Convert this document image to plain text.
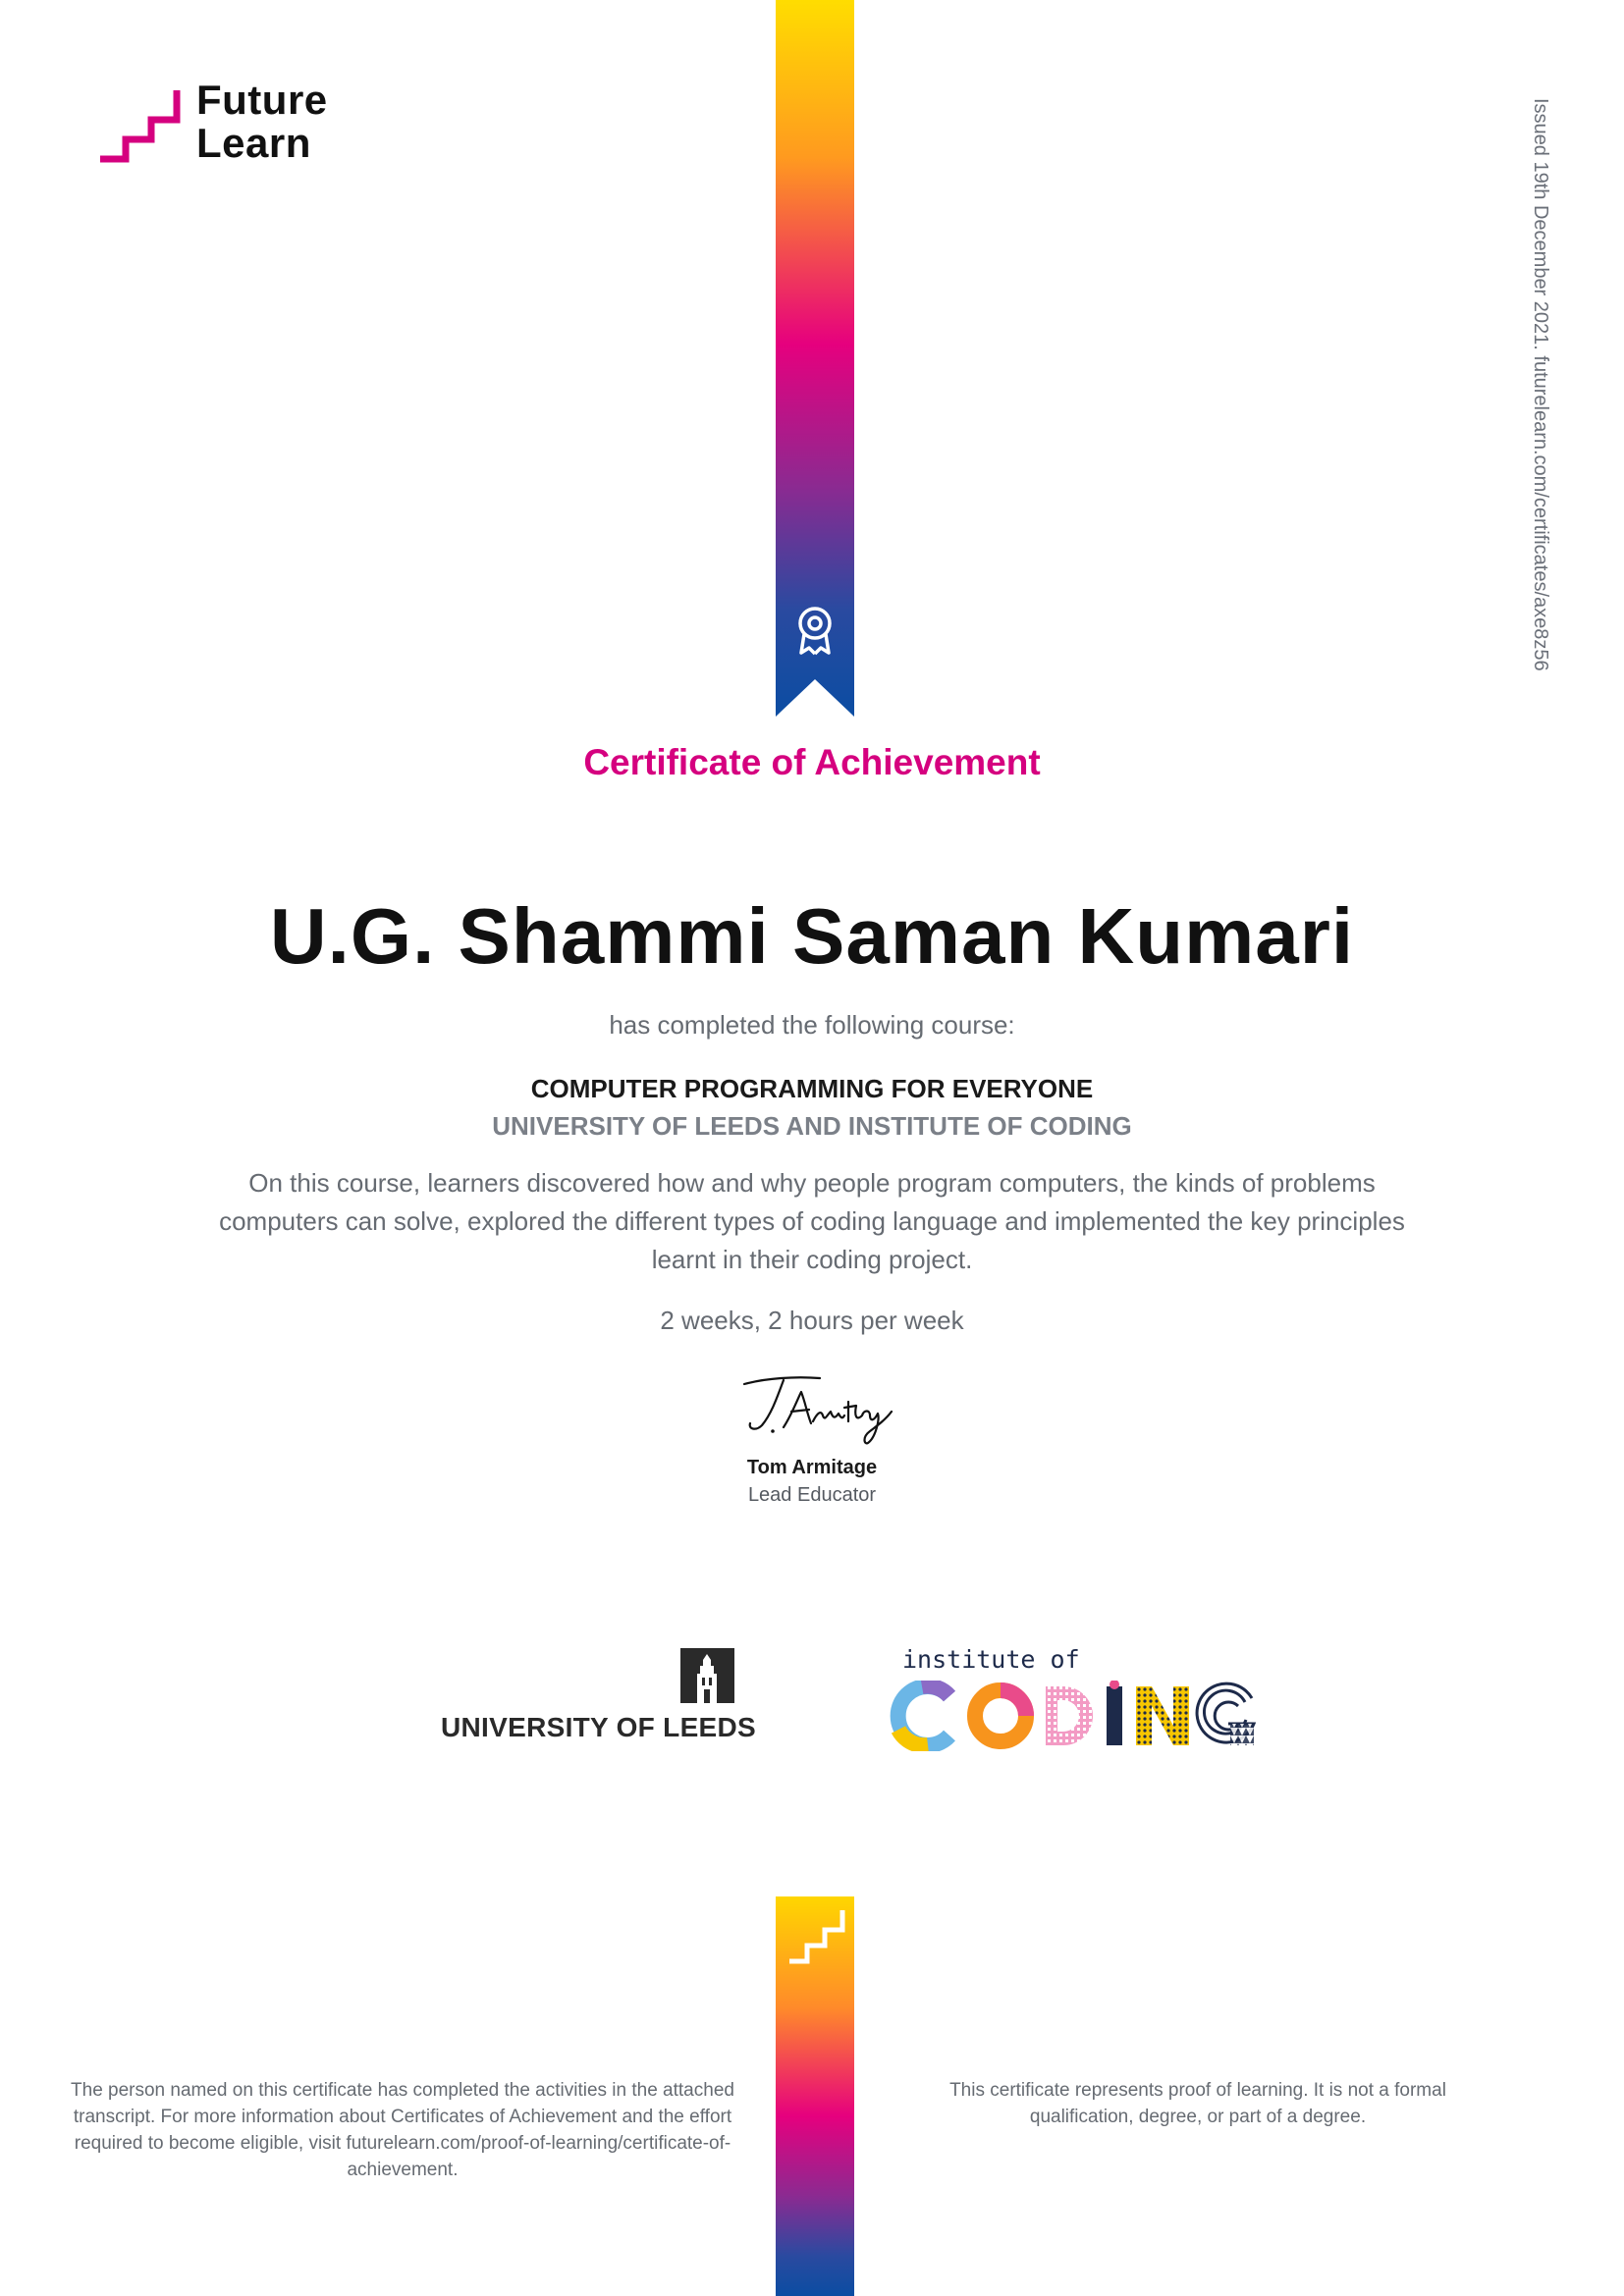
Future
Learn	Issued 19th December 2021. futurelearn.com/certificates/axe8z56
Certificate of Achievement
U.G. Shammi Saman Kumari
has completed the following course:
COMPUTER PROGRAMMING FOR EVERYONE
UNIVERSITY OF LEEDS AND INSTITUTE OF CODING
On this course, learners discovered how and why people program computers, the kinds of problems computers can solve, explored the different types of coding language and implemented the key principles learnt in their coding project.
2 weeks, 2 hours per week
Tom Armitage
Lead Educator
UNIVERSITY OF LEEDS
institute of
The person named on this certificate has completed the activities in the attached transcript. For more information about Certificates of Achievement and the effort required to become eligible, visit futurelearn.com/proof-of-learning/certificate-of-achievement.
This certificate represents proof of learning. It is not a formal qualification, degree, or part of a degree.
